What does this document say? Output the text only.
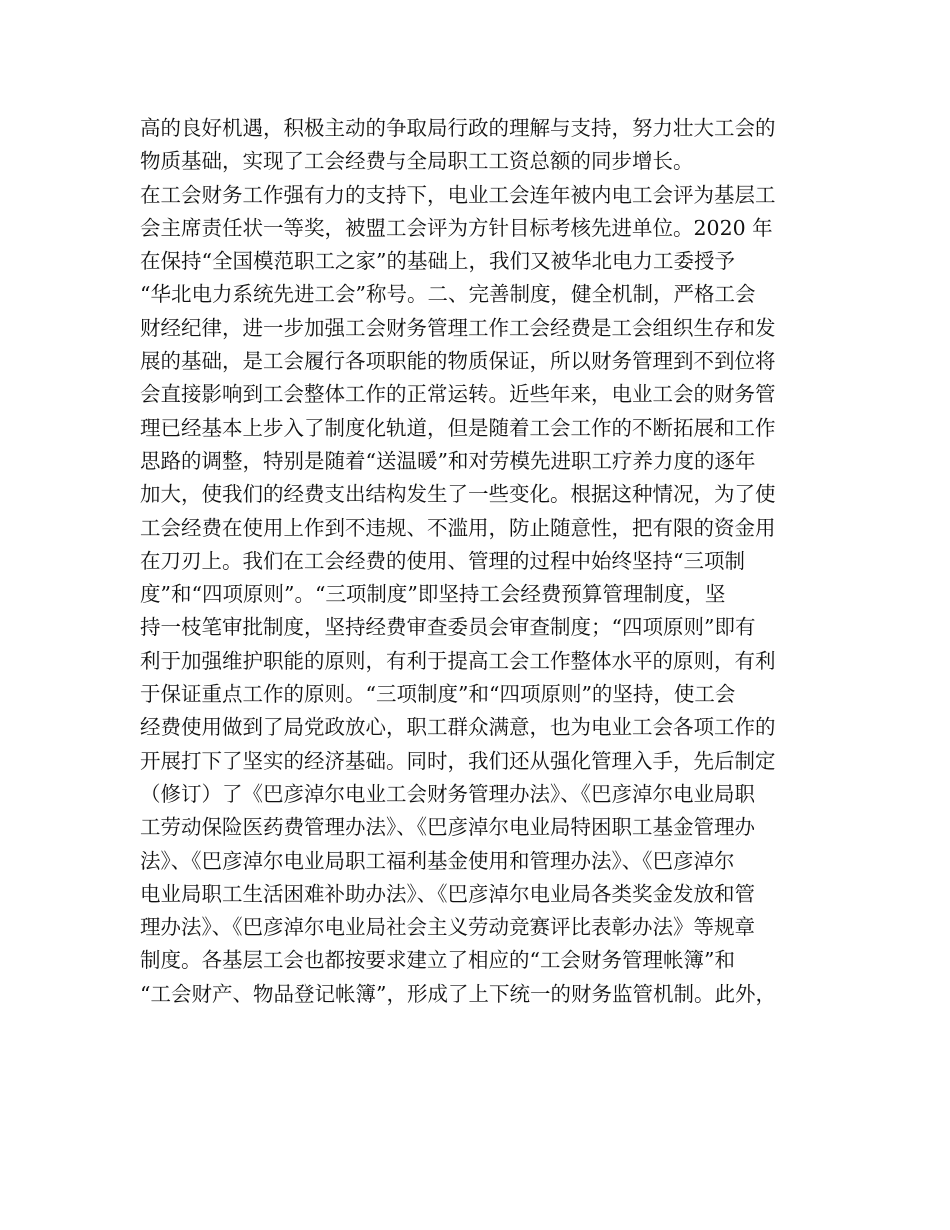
高的良好机遇，积极主动的争取局行政的理解与支持，努力壮大工会的
物质基础，实现了工会经费与全局职工工资总额的同步增长。
在工会财务工作强有力的支持下，电业工会连年被内电工会评为基层工
会主席责任状一等奖，被盟工会评为方针目标考核先进单位。2020 年
在保持“全国模范职工之家”的基础上，我们又被华北电力工委授予
“华北电力系统先进工会”称号。二、完善制度，健全机制，严格工会
财经纪律，进一步加强工会财务管理工作工会经费是工会组织生存和发
展的基础，是工会履行各项职能的物质保证，所以财务管理到不到位将
会直接影响到工会整体工作的正常运转。近些年来，电业工会的财务管
理已经基本上步入了制度化轨道，但是随着工会工作的不断拓展和工作
思路的调整，特别是随着“送温暖”和对劳模先进职工疗养力度的逐年
加大，使我们的经费支出结构发生了一些变化。根据这种情况，为了使
工会经费在使用上作到不违规、不滥用，防止随意性，把有限的资金用
在刀刃上。我们在工会经费的使用、管理的过程中始终坚持“三项制
度”和“四项原则”。“三项制度”即坚持工会经费预算管理制度，坚
持一枝笔审批制度，坚持经费审查委员会审查制度；“四项原则”即有
利于加强维护职能的原则，有利于提高工会工作整体水平的原则，有利
于保证重点工作的原则。“三项制度”和“四项原则”的坚持，使工会
经费使用做到了局党政放心，职工群众满意，也为电业工会各项工作的
开展打下了坚实的经济基础。同时，我们还从强化管理入手，先后制定
（修订）了《巴彦淖尔电业工会财务管理办法》、《巴彦淖尔电业局职
工劳动保险医药费管理办法》、《巴彦淖尔电业局特困职工基金管理办
法》、《巴彦淖尔电业局职工福利基金使用和管理办法》、《巴彦淖尔
电业局职工生活困难补助办法》、《巴彦淖尔电业局各类奖金发放和管
理办法》、《巴彦淖尔电业局社会主义劳动竞赛评比表彰办法》等规章
制度。各基层工会也都按要求建立了相应的“工会财务管理帐簿”和
“工会财产、物品登记帐簿”，形成了上下统一的财务监管机制。此外，
